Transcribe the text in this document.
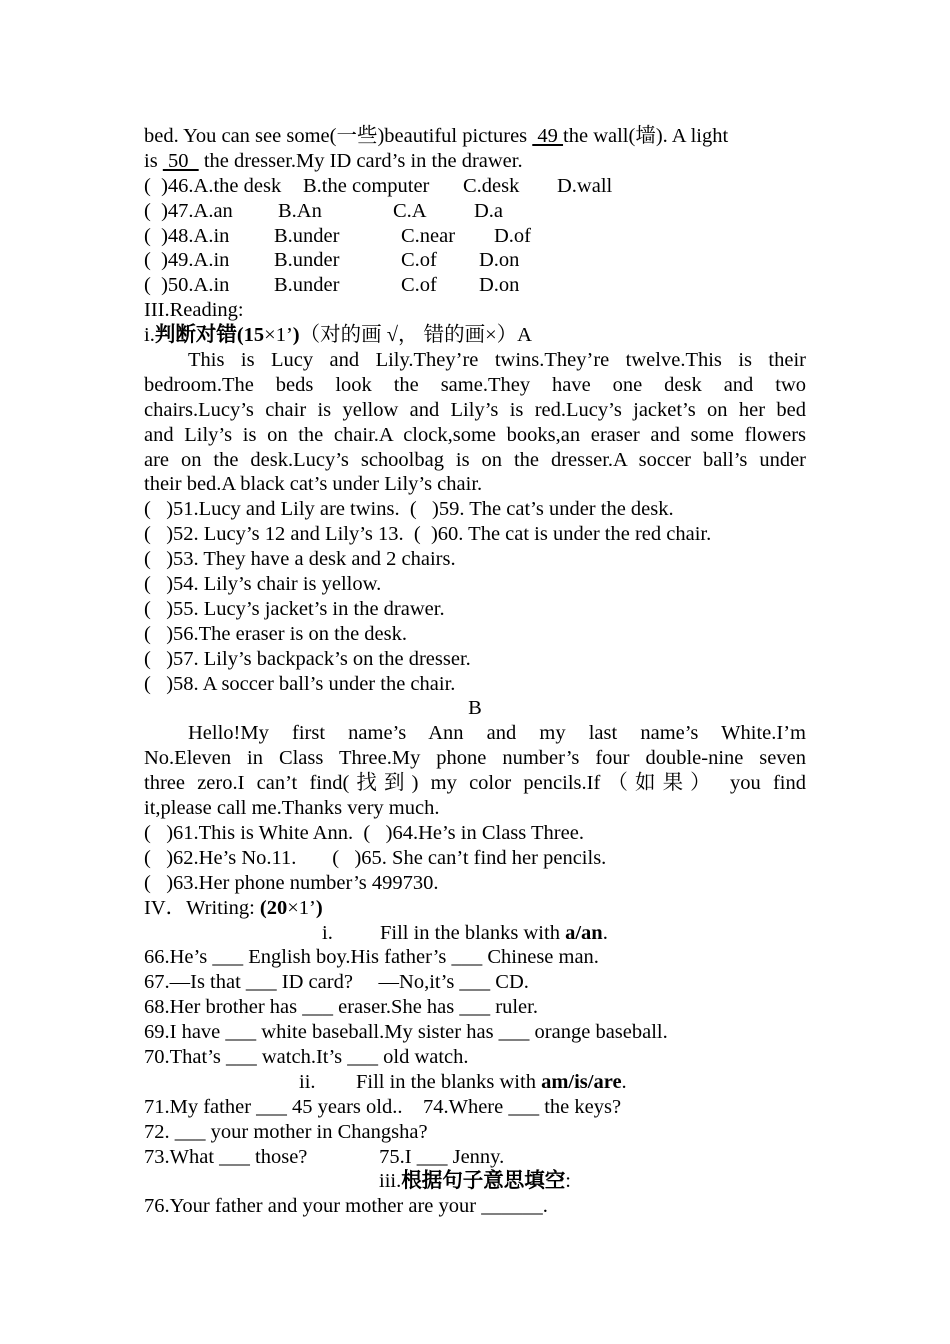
bed. You can see some(一些)beautiful pictures  49 the wall(墙). A light
is  50   the dresser.My ID card’s in the drawer.
(  )46.A.the desk B.the computer C.desk D.wall
(  )47.A.an B.An	C.A D.a
(  )48.A.in B.under	C.near D.of
(  )49.A.in B.under	C.of D.on
(  )50.A.in B.under	C.of D.on
III.Reading:
i.判断对错(15×1’)（对的画 √， 错的画×）A
This is Lucy and Lily.They’re twins.They’re twelve.This is their
bedroom.The beds look the same.They have one desk and two
chairs.Lucy’s chair is yellow and Lily’s is red.Lucy’s jacket’s on her bed
and Lily’s is on the chair.A clock,some books,an eraser and some flowers
are on the desk.Lucy’s schoolbag is on the dresser.A soccer ball’s under
their bed.A black cat’s under Lily’s chair.
(   )51.Lucy and Lily are twins.  (   )59. The cat’s under the desk.
(   )52. Lucy’s 12 and Lily’s 13.  (  )60. The cat is under the red chair.
(   )53. They have a desk and 2 chairs.
(   )54. Lily’s chair is yellow.
(   )55. Lucy’s jacket’s in the drawer.
(   )56.The eraser is on the desk.
(   )57. Lily’s backpack’s on the dresser.
(   )58. A soccer ball’s under the chair.
B
Hello!My first name’s Ann and my last name’s White.I’m
No.Eleven in Class Three.My phone number’s four double-nine seven
three zero.I can’t find(找到) my color pencils.If（如果） you find
it,please call me.Thanks very much.
(   )61.This is White Ann.  (   )64.He’s in Class Three.
(   )62.He’s No.11.       (   )65. She can’t find her pencils.
(   )63.Her phone number’s 499730.
IV．Writing: (20×1’)
i. Fill in the blanks with a/an.
66.He’s ___ English boy.His father’s ___ Chinese man.
67.—Is that ___ ID card?     —No,it’s ___ CD.
68.Her brother has ___ eraser.She has ___ ruler.
69.I have ___ white baseball.My sister has ___ orange baseball.
70.That’s ___ watch.It’s ___ old watch.
ii. Fill in the blanks with am/is/are.
71.My father ___ 45 years old..    74.Where ___ the keys?
72. ___ your mother in Changsha?
73.What ___ those?              75.I ___ Jenny.
iii.根据句子意思填空:
76.Your father and your mother are your ______.
